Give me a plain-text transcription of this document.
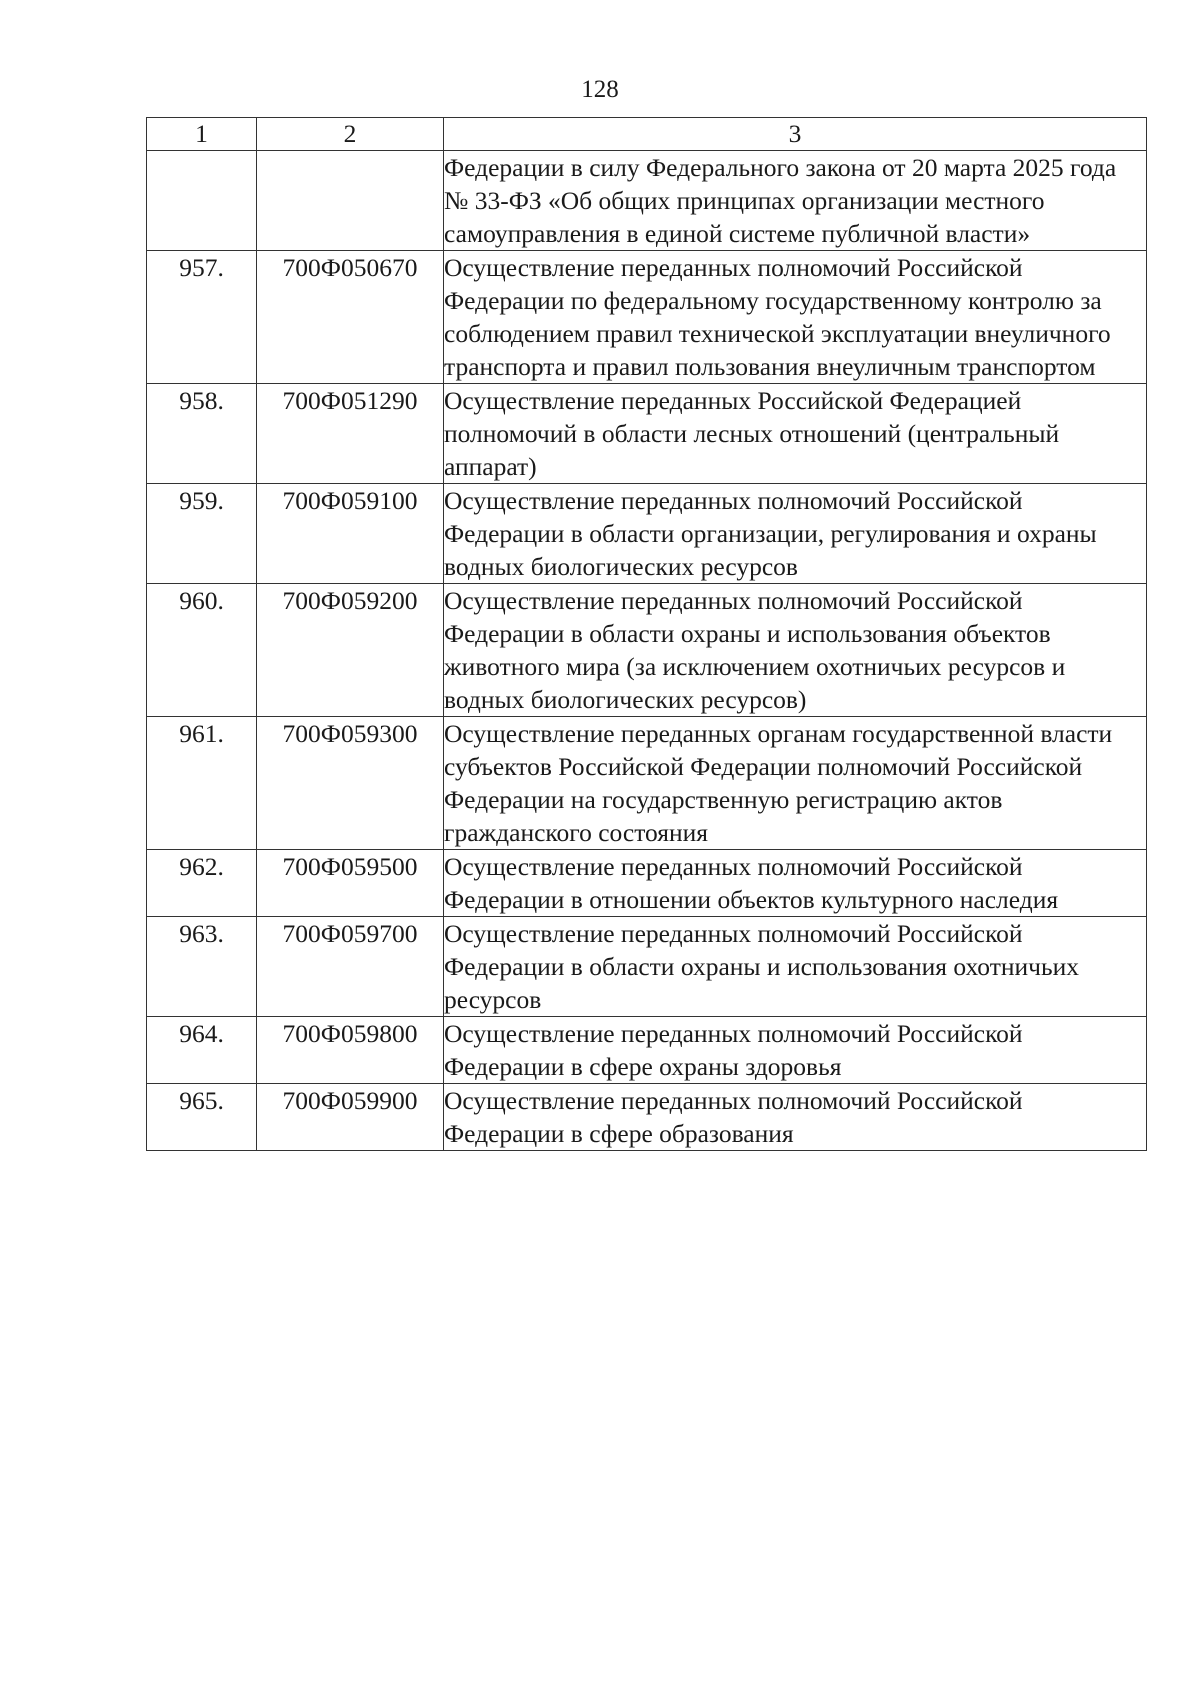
128
1	2	3
		Федерации в силу Федерального закона от 20 марта 2025 года № 33-ФЗ «Об общих принципах организации местного самоуправления в единой системе публичной власти»
957.	700Ф050670	Осуществление переданных полномочий Российской Федерации по федеральному государственному контролю за соблюдением правил технической эксплуатации внеуличного транспорта и правил пользования внеуличным транспортом
958.	700Ф051290	Осуществление переданных Российской Федерацией полномочий в области лесных отношений (центральный аппарат)
959.	700Ф059100	Осуществление переданных полномочий Российской Федерации в области организации, регулирования и охраны водных биологических ресурсов
960.	700Ф059200	Осуществление переданных полномочий Российской Федерации в области охраны и использования объектов животного мира (за исключением охотничьих ресурсов и водных биологических ресурсов)
961.	700Ф059300	Осуществление переданных органам государственной власти субъектов Российской Федерации полномочий Российской Федерации на государственную регистрацию актов гражданского состояния
962.	700Ф059500	Осуществление переданных полномочий Российской Федерации в отношении объектов культурного наследия
963.	700Ф059700	Осуществление переданных полномочий Российской Федерации в области охраны и использования охотничьих ресурсов
964.	700Ф059800	Осуществление переданных полномочий Российской Федерации в сфере охраны здоровья
965.	700Ф059900	Осуществление переданных полномочий Российской Федерации в сфере образования
